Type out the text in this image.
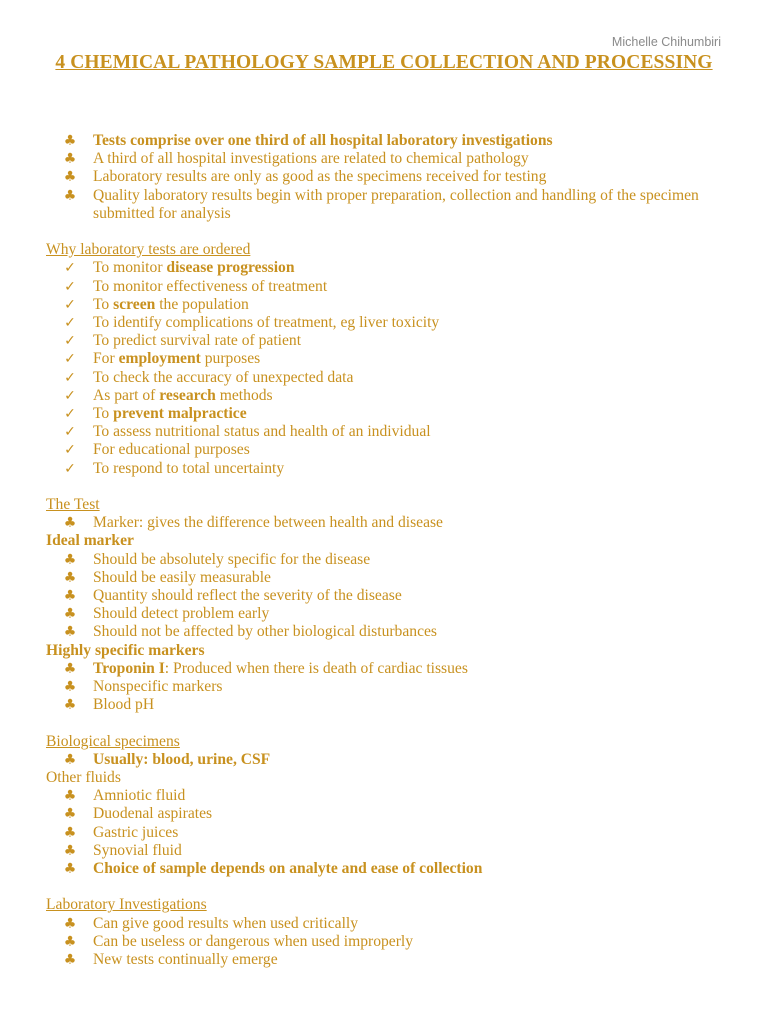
Michelle Chihumbiri
4 CHEMICAL PATHOLOGY SAMPLE COLLECTION AND PROCESSING
♣ Tests comprise over one third of all hospital laboratory investigations
♣ A third of all hospital investigations are related to chemical pathology
♣ Laboratory results are only as good as the specimens received for testing
♣ Quality laboratory results begin with proper preparation, collection and handling of the specimen submitted for analysis
Why laboratory tests are ordered
✓ To monitor disease progression
✓ To monitor effectiveness of treatment
✓ To screen the population
✓ To identify complications of treatment, eg liver toxicity
✓ To predict survival rate of patient
✓ For employment purposes
✓ To check the accuracy of unexpected data
✓ As part of research methods
✓ To prevent malpractice
✓ To assess nutritional status and health of an individual
✓ For educational purposes
✓ To respond to total uncertainty
The Test
♣ Marker: gives the difference between health and disease
Ideal marker
♣ Should be absolutely specific for the disease
♣ Should be easily measurable
♣ Quantity should reflect the severity of the disease
♣ Should detect problem early
♣ Should not be affected by other biological disturbances
Highly specific markers
♣ Troponin I: Produced when there is death of cardiac tissues
♣ Nonspecific markers
♣ Blood pH
Biological specimens
♣ Usually: blood, urine, CSF
Other fluids
♣ Amniotic fluid
♣ Duodenal aspirates
♣ Gastric juices
♣ Synovial fluid
♣ Choice of sample depends on analyte and ease of collection
Laboratory Investigations
♣ Can give good results when used critically
♣ Can be useless or dangerous when used improperly
♣ New tests continually emerge
